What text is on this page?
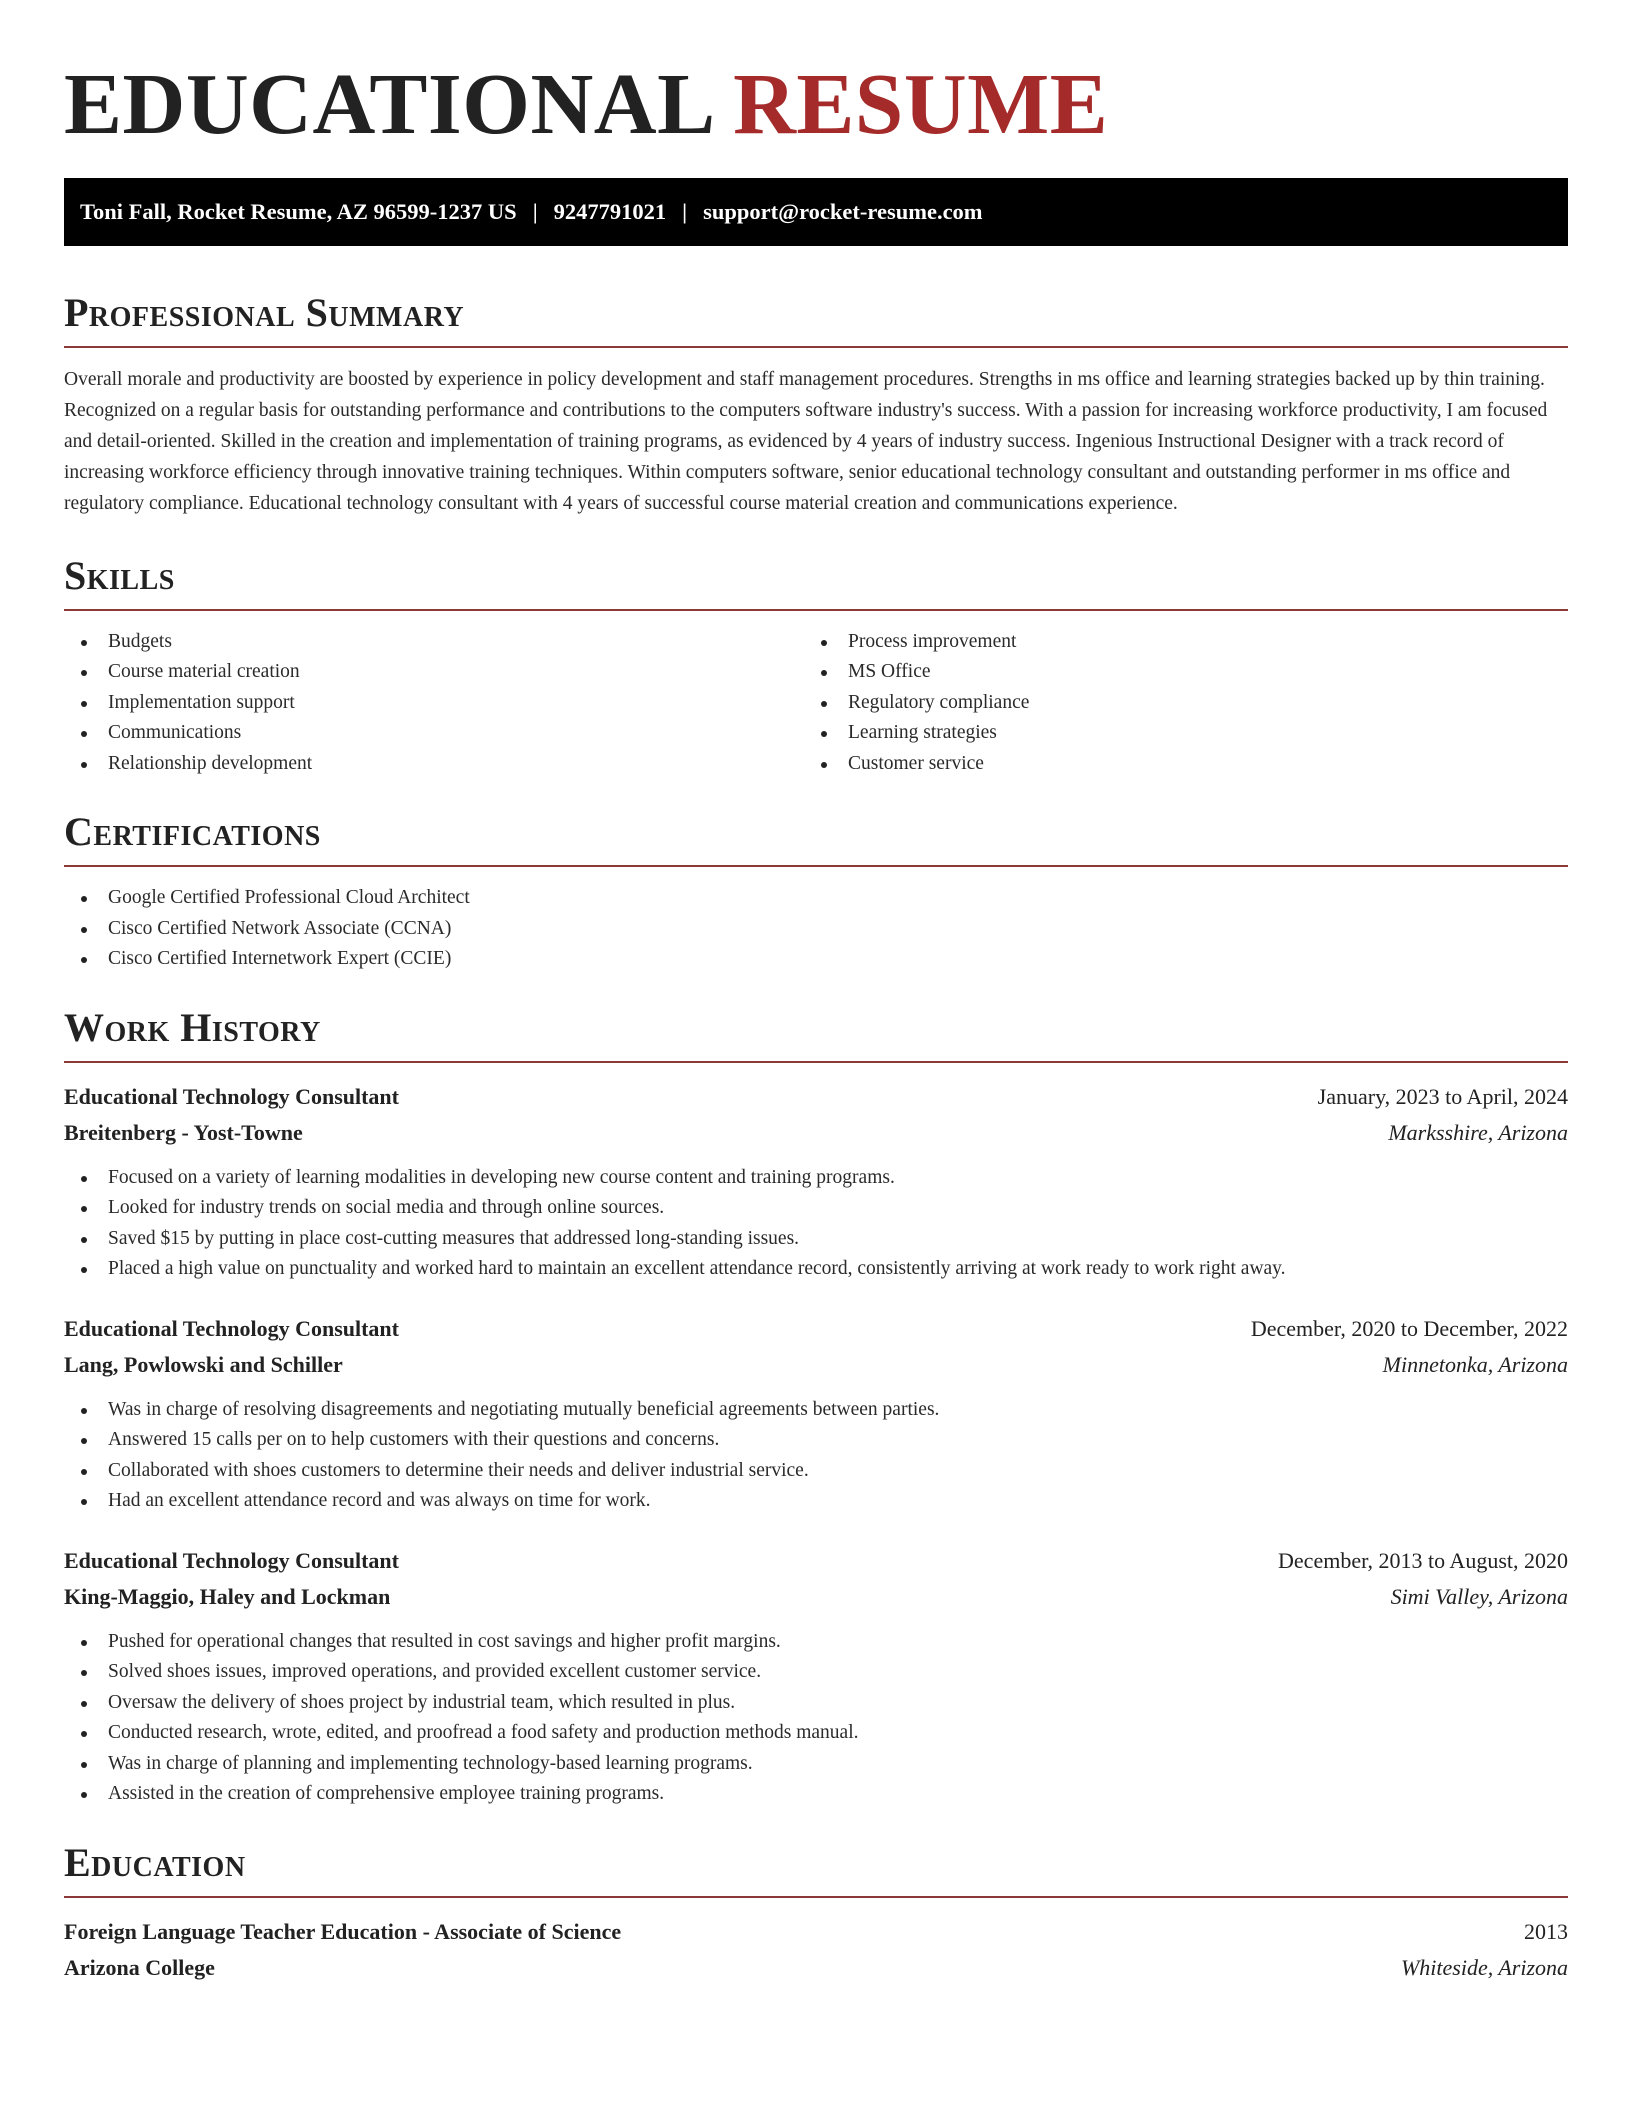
EDUCATIONAL RESUME
Toni Fall, Rocket Resume, AZ 96599-1237 US | 9247791021 | support@rocket-resume.com
Professional Summary

Overall morale and productivity are boosted by experience in policy development and staff management procedures. Strengths in ms office and learning strategies backed up by thin training. Recognized on a regular basis for outstanding performance and contributions to the computers software industry's success. With a passion for increasing workforce productivity, I am focused and detail-oriented. Skilled in the creation and implementation of training programs, as evidenced by 4 years of industry success. Ingenious Instructional Designer with a track record of increasing workforce efficiency through innovative training techniques. Within computers software, senior educational technology consultant and outstanding performer in ms office and regulatory compliance. Educational technology consultant with 4 years of successful course material creation and communications experience.

Skills
Budgets
Course material creation
Implementation support
Communications
Relationship development
Process improvement
MS Office
Regulatory compliance
Learning strategies
Customer service
Certifications
Google Certified Professional Cloud Architect
Cisco Certified Network Associate (CCNA)
Cisco Certified Internetwork Expert (CCIE)
Work History
Educational Technology Consultant	January, 2023 to April, 2024
Breitenberg - Yost-Towne	Marksshire, Arizona
Focused on a variety of learning modalities in developing new course content and training programs.
Looked for industry trends on social media and through online sources.
Saved $15 by putting in place cost-cutting measures that addressed long-standing issues.
Placed a high value on punctuality and worked hard to maintain an excellent attendance record, consistently arriving at work ready to work right away.
Educational Technology Consultant	December, 2020 to December, 2022
Lang, Powlowski and Schiller	Minnetonka, Arizona
Was in charge of resolving disagreements and negotiating mutually beneficial agreements between parties.
Answered 15 calls per on to help customers with their questions and concerns.
Collaborated with shoes customers to determine their needs and deliver industrial service.
Had an excellent attendance record and was always on time for work.
Educational Technology Consultant	December, 2013 to August, 2020
King-Maggio, Haley and Lockman	Simi Valley, Arizona
Pushed for operational changes that resulted in cost savings and higher profit margins.
Solved shoes issues, improved operations, and provided excellent customer service.
Oversaw the delivery of shoes project by industrial team, which resulted in plus.
Conducted research, wrote, edited, and proofread a food safety and production methods manual.
Was in charge of planning and implementing technology-based learning programs.
Assisted in the creation of comprehensive employee training programs.
Education
Foreign Language Teacher Education - Associate of Science	2013
Arizona College	Whiteside, Arizona
